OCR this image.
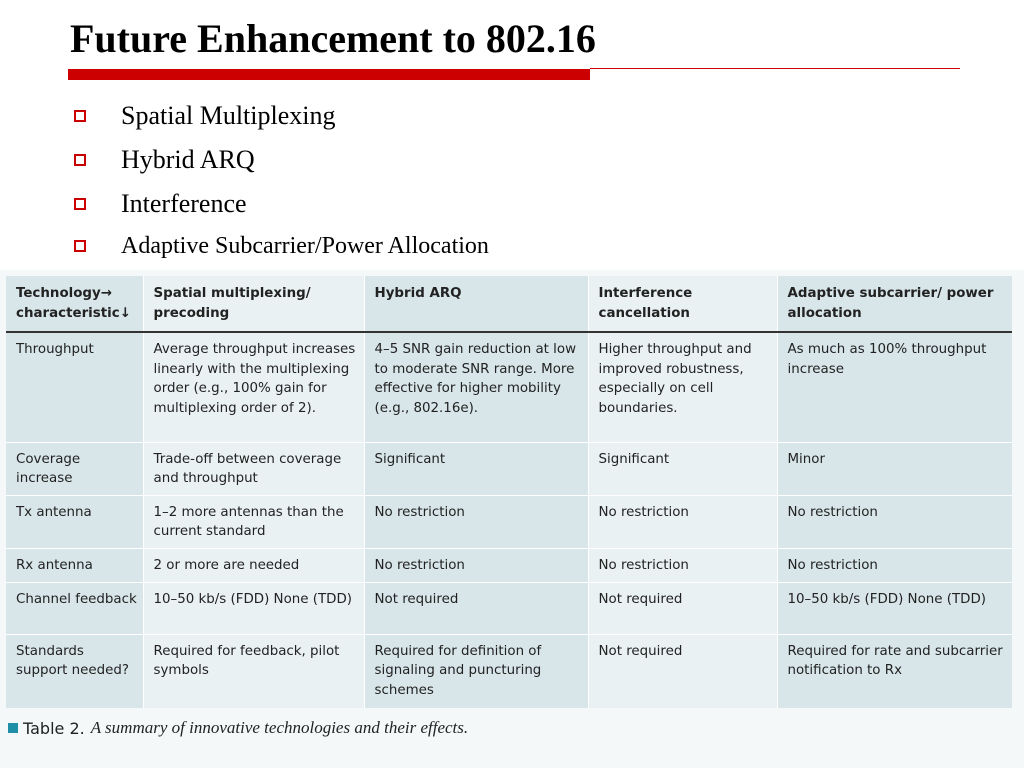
Future Enhancement to 802.16
Spatial Multiplexing
Hybrid ARQ
Interference
Adaptive Subcarrier/Power Allocation
Technology→ characteristic↓	Spatial multiplexing/ precoding	Hybrid ARQ	Interference cancellation	Adaptive subcarrier/ power allocation
Throughput	Average throughput increases linearly with the multiplexing order (e.g., 100% gain for multiplexing order of 2).	4–5 SNR gain reduction at low to moderate SNR range. More effective for higher mobility (e.g., 802.16e).	Higher throughput and improved robustness, especially on cell boundaries.	As much as 100% throughput increase
Coverage increase	Trade-off between coverage and throughput	Significant	Significant	Minor
Tx antenna	1–2 more antennas than the current standard	No restriction	No restriction	No restriction
Rx antenna	2 or more are needed	No restriction	No restriction	No restriction
Channel feedback	10–50 kb/s (FDD) None (TDD)	Not required	Not required	10–50 kb/s (FDD) None (TDD)
Standards support needed?	Required for feedback, pilot symbols	Required for definition of signaling and puncturing schemes	Not required	Required for rate and subcarrier notification to Rx
Table 2. A summary of innovative technologies and their effects.
